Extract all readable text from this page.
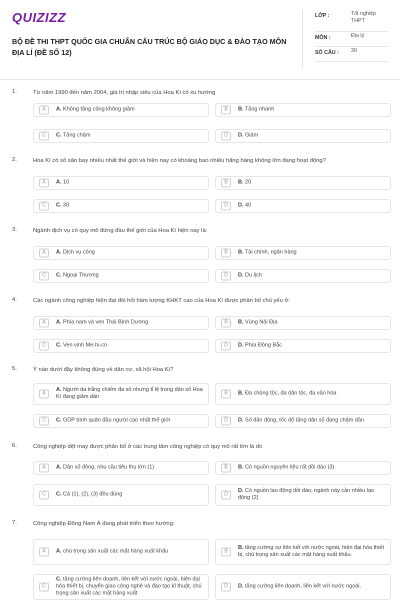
QUIZIZZ
BỘ ĐỀ THI THPT QUỐC GIA CHUẨN CẤU TRÚC BỘ GIÁO DỤC & ĐÀO TẠO MÔN ĐỊA LÍ (ĐỀ SỐ 12)
LỚP :	Tốt nghiệp THPT
MÔN :	Địa lý
SỐ CÂU : 30
1.	Từ năm 1990 đến năm 2004, giá trị nhập siêu của Hoa Kì có xu hướng
A	A. Không tăng cũng không giảm	B	B. Tăng nhanh
C	C. Tăng chậm	D	D. Giảm
2.	Hoa Kì có số sân bay nhiều nhất thế giới và hiện nay có khoảng bao nhiêu hãng hàng không lớn đang hoạt động?
A	A. 10	B	B. 20
C	C. 30	D	D. 40
3.	Ngành dịch vụ có quy mô đứng đầu thế giới của Hoa Kì hiện nay là:
A	A. Dịch vụ công	B	B. Tài chính, ngân hàng
C	C. Ngoại Thương	D	D. Du lịch
4.	Các ngành công nghiệp hiện đại đòi hỏi hàm lượng KHKT cao của Hoa Kì được phân bố chủ yếu ở:
A	A. Phía nam và ven Thái Bình Dương	B	B. Vùng Nội Địa
C	C. Ven vịnh Me-hi-co	D	D. Phía Đông Bắc
5.	Ý nào dưới đây không đúng về dân cư, xã hội Hoa Kì?
A
A. Người da trắng chiếm đa số nhưng tỉ lệ trong dân số Hoa Kì đang giảm dần
B	B. Đa chủng tộc, đa dân tộc, đa văn hóa
C	C. GDP bình quân đầu người cao nhất thế giới	D	D. Số dân đông, tốc độ tăng dân số đang chậm dần
6.	Công nghiệp dệt may được phân bố ở các trung tâm công nghiệp có quy mô rất lớn là do
A	A. Dân số đông, nhu cầu tiêu thụ lớn (1)	B	B. Có nguồn nguyên liệu rất dồi dào (3)
C	C. Cả (1), (2), (3) đều đúng	D
D. Có nguồn lao động dồi dào, ngành này cần nhiều lao động (2)
7.	Công nghiệp Đông Nam Á đang phát triển theo hướng:
A	A. chú trọng sản xuất các mặt hàng xuất khẩu	B
B. tăng cường sự liên kết với nước ngoài, hiện đại hóa thiết bị, chú trọng sản xuất các mặt hàng xuất khẩu.
C
C. tăng cường liên doanh, liên kết với nước ngoài, hiện đại hóa thiết bị, chuyển giao công nghệ và đào tạo kĩ thuật, chú trọng sản xuất các mặt hàng xuất
D	D. tăng cường liên doanh, liên kết với nước ngoài.
